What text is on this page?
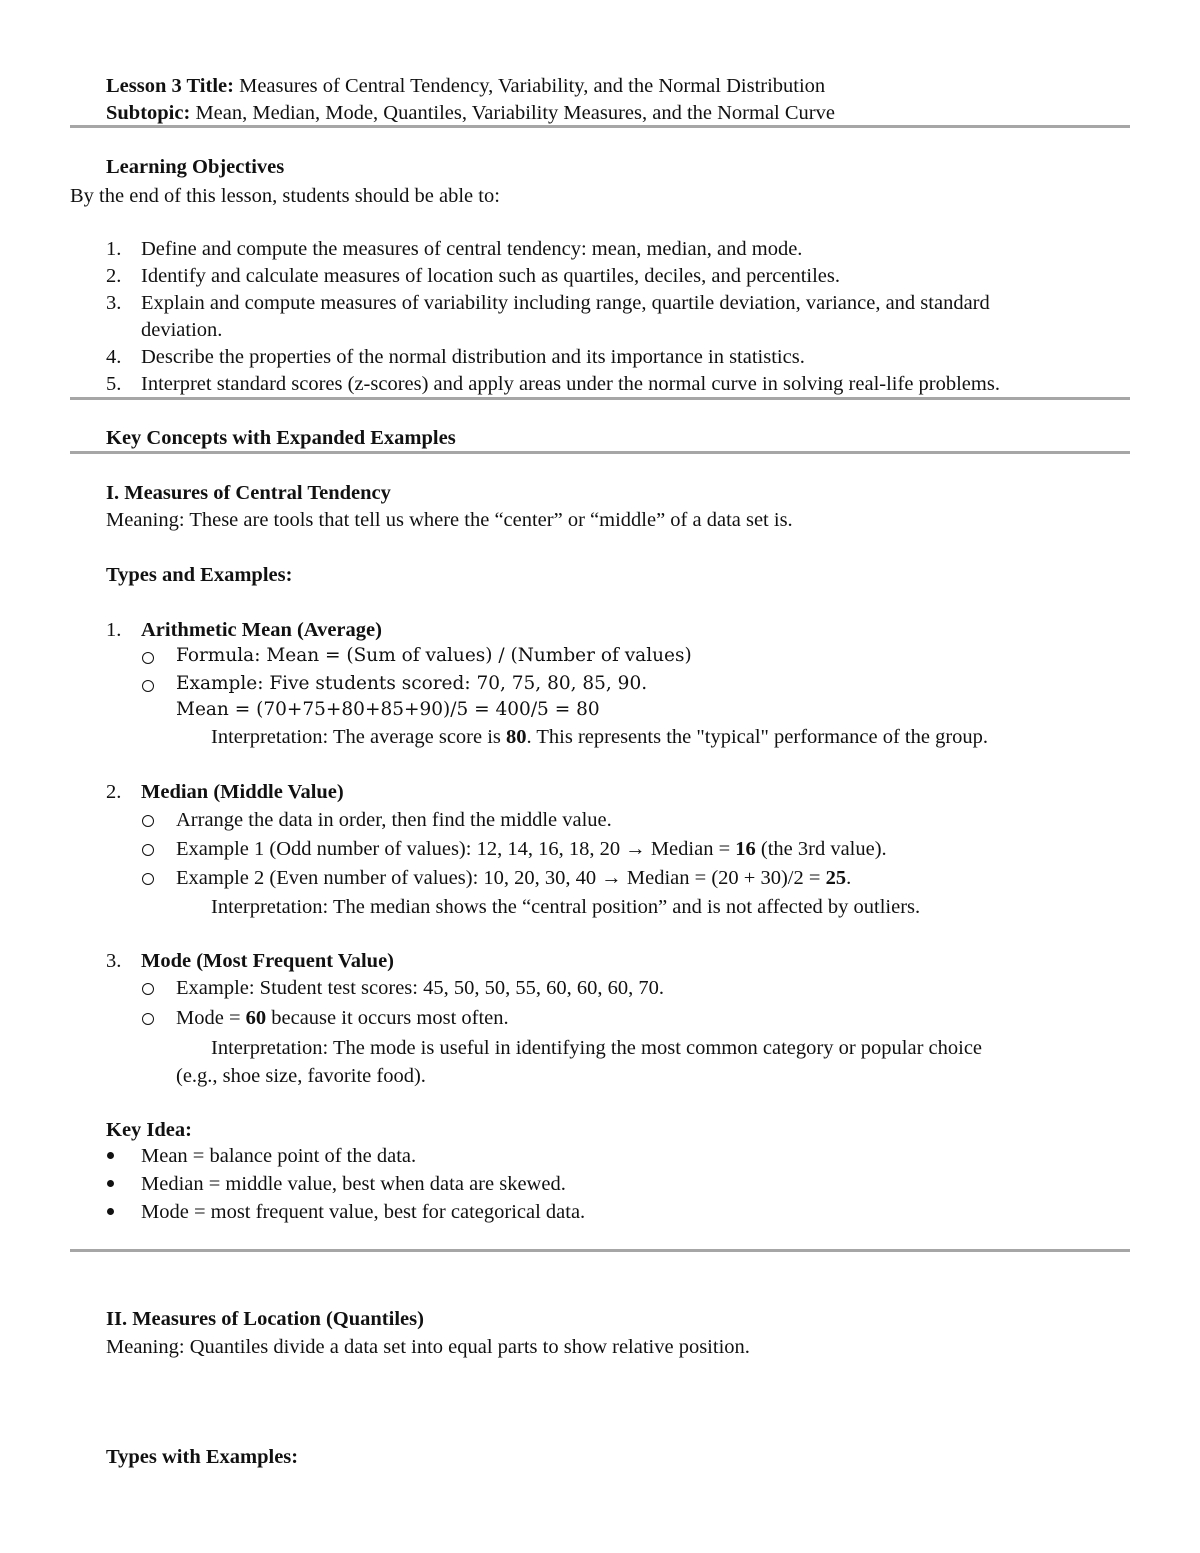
Lesson 3 Title: Measures of Central Tendency, Variability, and the Normal Distribution
Subtopic: Mean, Median, Mode, Quantiles, Variability Measures, and the Normal Curve
Learning Objectives
By the end of this lesson, students should be able to:
1. Define and compute the measures of central tendency: mean, median, and mode.
2. Identify and calculate measures of location such as quartiles, deciles, and percentiles.
3. Explain and compute measures of variability including range, quartile deviation, variance, and standard
deviation.
4. Describe the properties of the normal distribution and its importance in statistics.
5. Interpret standard scores (z-scores) and apply areas under the normal curve in solving real-life problems.
Key Concepts with Expanded Examples
I. Measures of Central Tendency
Meaning: These are tools that tell us where the “center” or “middle” of a data set is.
Types and Examples:
1. Arithmetic Mean (Average)
Formula: Mean = (Sum of values) / (Number of values)
Example: Five students scored: 70, 75, 80, 85, 90.
Mean = (70+75+80+85+90)/5 = 400/5 = 80
Interpretation: The average score is 80. This represents the "typical" performance of the group.
2. Median (Middle Value)
Arrange the data in order, then find the middle value.
Example 1 (Odd number of values): 12, 14, 16, 18, 20 → Median = 16 (the 3rd value).
Example 2 (Even number of values): 10, 20, 30, 40 → Median = (20 + 30)/2 = 25.
Interpretation: The median shows the “central position” and is not affected by outliers.
3. Mode (Most Frequent Value)
Example: Student test scores: 45, 50, 50, 55, 60, 60, 60, 70.
Mode = 60 because it occurs most often.
Interpretation: The mode is useful in identifying the most common category or popular choice
(e.g., shoe size, favorite food).
Key Idea:
Mean = balance point of the data.
Median = middle value, best when data are skewed.
Mode = most frequent value, best for categorical data.
II. Measures of Location (Quantiles)
Meaning: Quantiles divide a data set into equal parts to show relative position.
Types with Examples:
